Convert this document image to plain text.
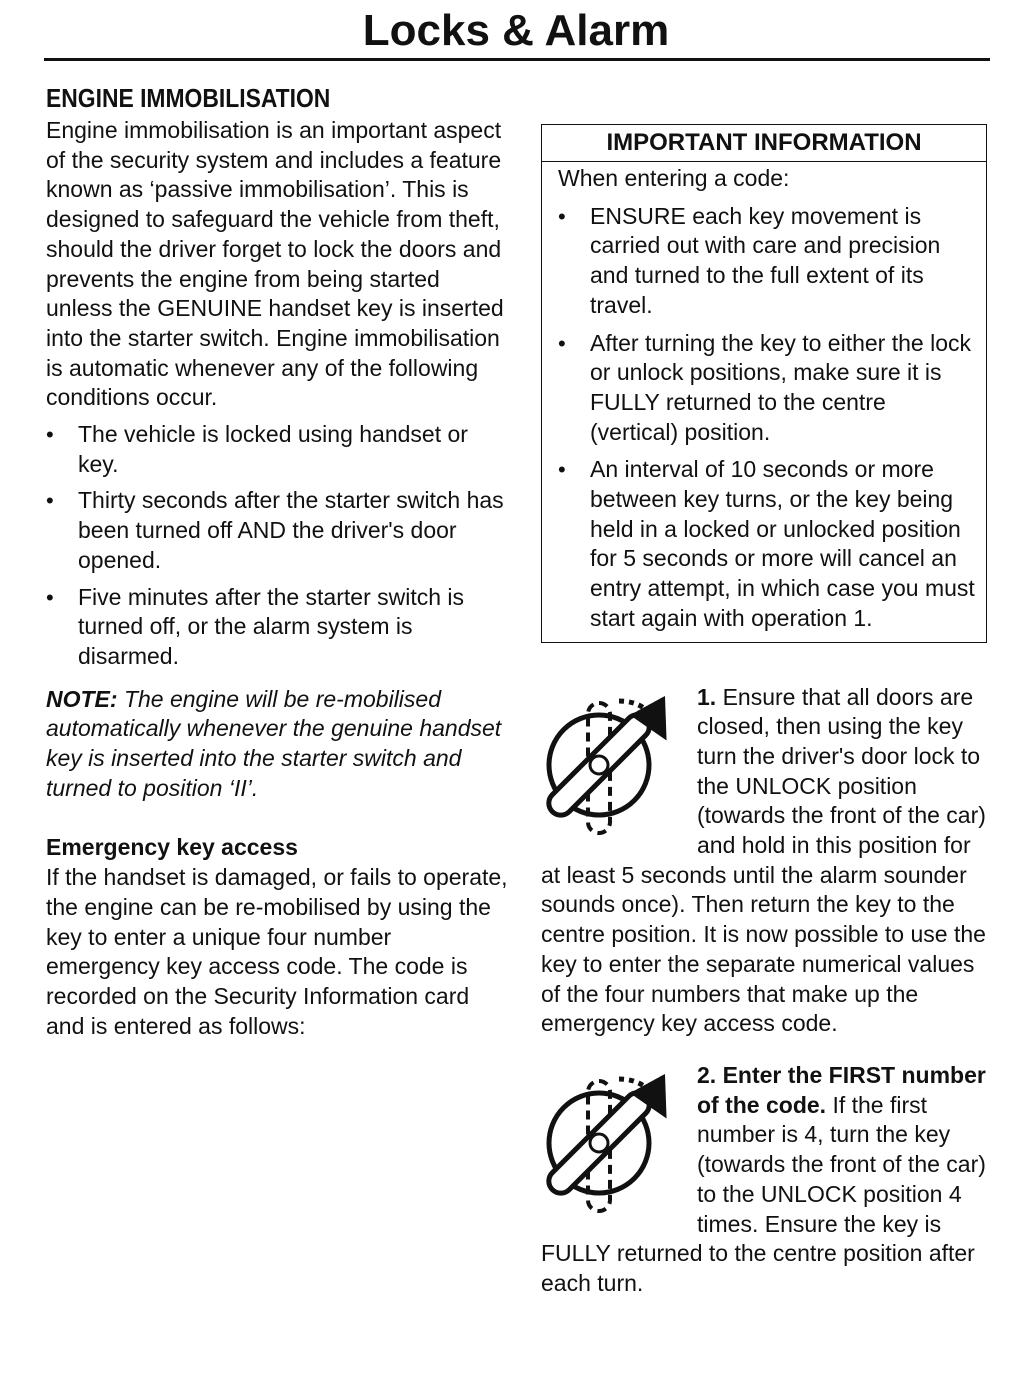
Locks & Alarm
ENGINE IMMOBILISATION

Engine immobilisation is an important aspect of the security system and includes a feature known as ‘passive immobilisation’. This is designed to safeguard the vehicle from theft, should the driver forget to lock the doors and prevents the engine from being started unless the GENUINE handset key is inserted into the starter switch. Engine immobilisation is automatic whenever any of the following conditions occur.

• The vehicle is locked using handset or key.
• Thirty seconds after the starter switch has been turned off AND the driver's door opened.
• Five minutes after the starter switch is turned off, or the alarm system is disarmed.

NOTE: The engine will be re-mobilised automatically whenever the genuine handset key is inserted into the starter switch and turned to position ‘II’.

Emergency key access

If the handset is damaged, or fails to operate, the engine can be re-mobilised by using the key to enter a unique four number emergency key access code. The code is recorded on the Security Information card and is entered as follows:

IMPORTANT INFORMATION

When entering a code:

• ENSURE each key movement is carried out with care and precision and turned to the full extent of its travel.
• After turning the key to either the lock or unlock positions, make sure it is FULLY returned to the centre (vertical) position.
• An interval of 10 seconds or more between key turns, or the key being held in a locked or unlocked position for 5 seconds or more will cancel an entry attempt, in which case you must start again with operation 1.

1. Ensure that all doors are closed, then using the key turn the driver's door lock to the UNLOCK position (towards the front of the car) and hold in this position for at least 5 seconds until the alarm sounder sounds once). Then return the key to the centre position. It is now possible to use the key to enter the separate numerical values of the four numbers that make up the emergency key access code.

2. Enter the FIRST number of the code. If the first number is 4, turn the key (towards the front of the car) to the UNLOCK position 4 times. Ensure the key is FULLY returned to the centre position after each turn.
